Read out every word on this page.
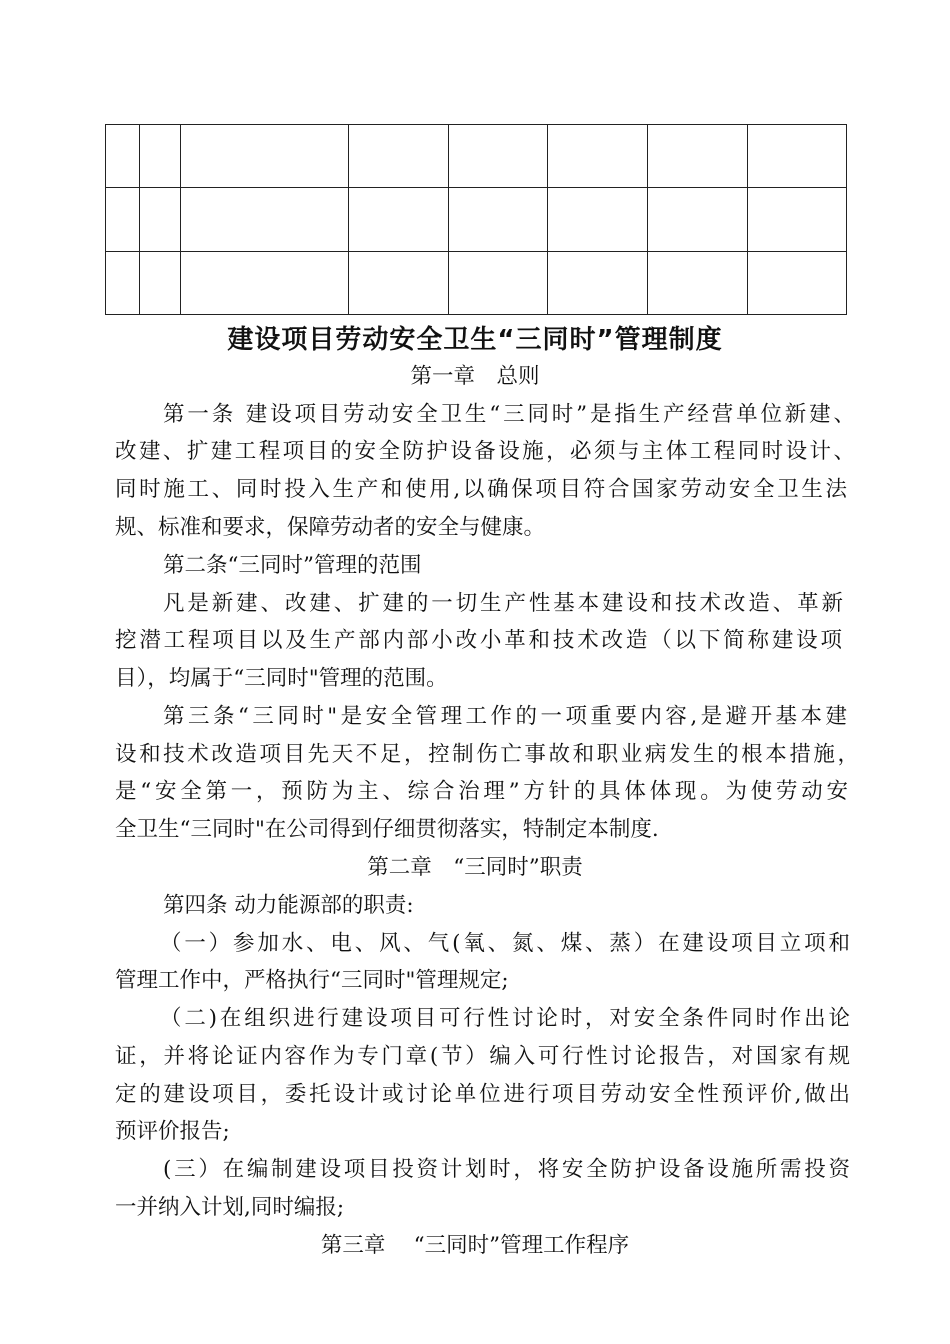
建设项目劳动安全卫生“三同时”管理制度
第一章　总则
第一条 建设项目劳动安全卫生“三同时”是指生产经营单位新建、
改建、扩建工程项目的安全防护设备设施，必须与主体工程同时设计、
同时施工、同时投入生产和使用,以确保项目符合国家劳动安全卫生法
规、标准和要求，保障劳动者的安全与健康。
第二条“三同时”管理的范围
凡是新建、改建、扩建的一切生产性基本建设和技术改造、革新
挖潜工程项目以及生产部内部小改小革和技术改造（以下简称建设项
目），均属于“三同时"管理的范围。
第三条“三同时"是安全管理工作的一项重要内容,是避开基本建
设和技术改造项目先天不足，控制伤亡事故和职业病发生的根本措施，
是“安全第一，预防为主、综合治理”方针的具体体现。为使劳动安
全卫生“三同时"在公司得到仔细贯彻落实，特制定本制度.
第二章　“三同时”职责
第四条 动力能源部的职责:
（一）参加水、电、风、气(氧、氮、煤、蒸）在建设项目立项和
管理工作中，严格执行“三同时"管理规定;
（二)在组织进行建设项目可行性讨论时，对安全条件同时作出论
证，并将论证内容作为专门章(节）编入可行性讨论报告，对国家有规
定的建设项目，委托设计或讨论单位进行项目劳动安全性预评价,做出
预评价报告;
(三）在编制建设项目投资计划时，将安全防护设备设施所需投资
一并纳入计划,同时编报;
第三章　 “三同时”管理工作程序
